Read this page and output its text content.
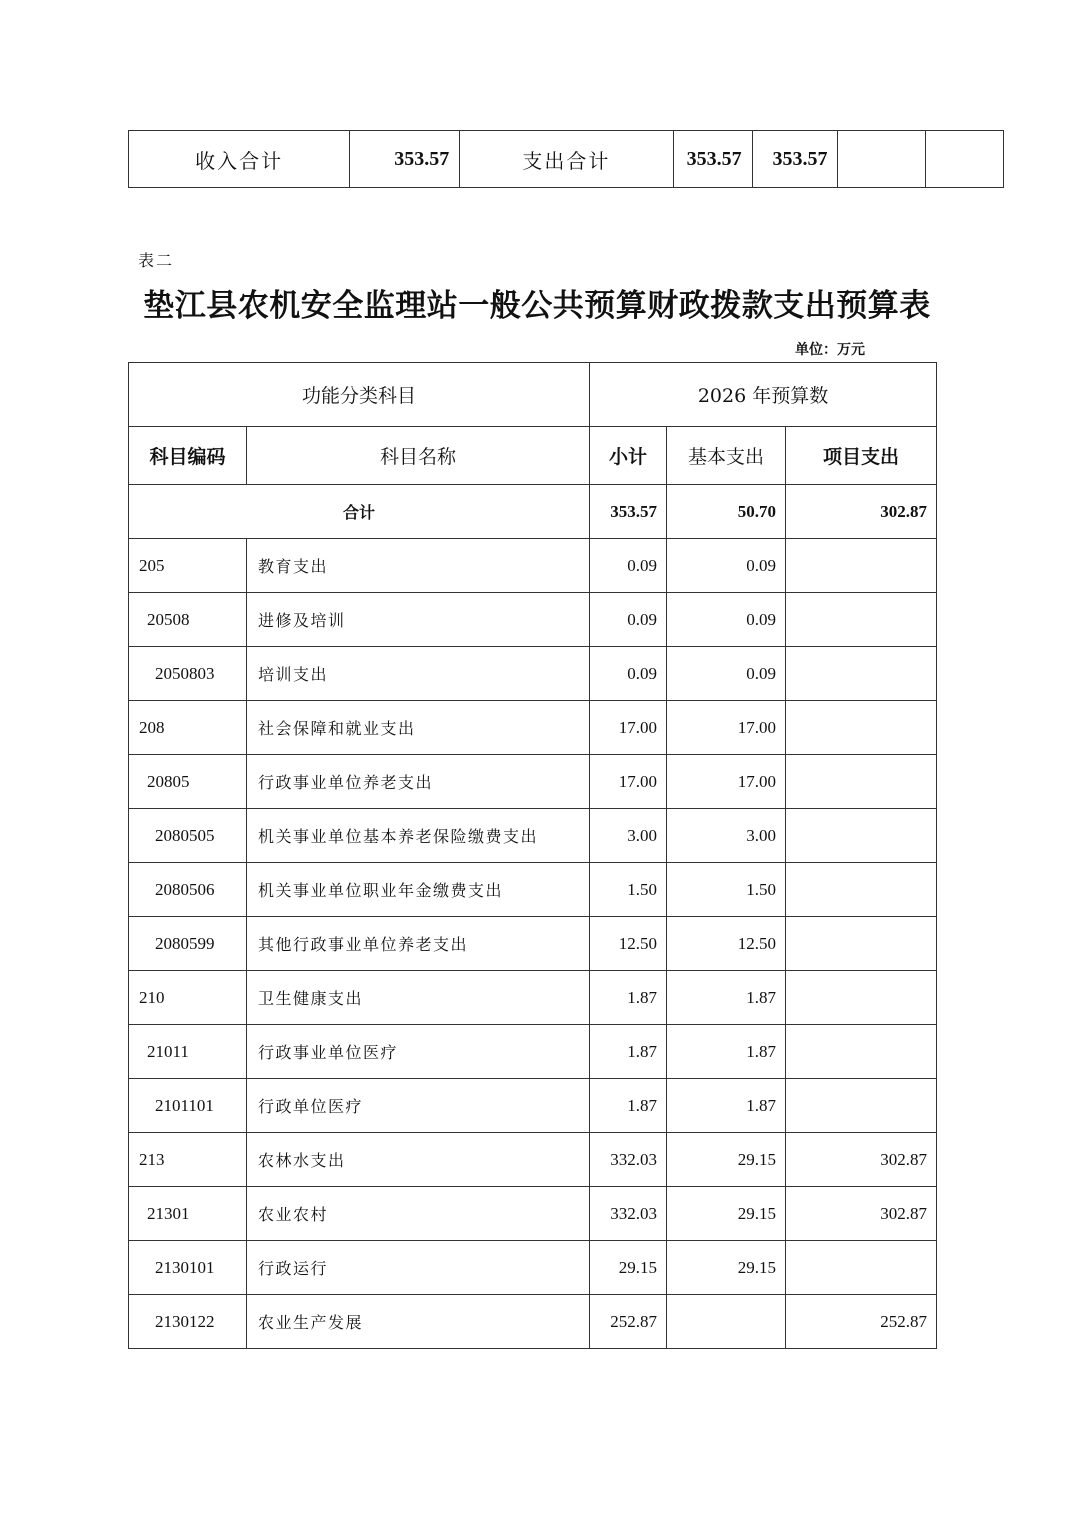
收入合计	353.57	支出合计	353.57	353.57		
表二
垫江县农机安全监理站一般公共预算财政拨款支出预算表
单位：万元
功能分类科目		2026 年预算数		
科目编码	科目名称	小计	基本支出	项目支出
合计		353.57	50.70	302.87
205	教育支出	0.09	0.09	
20508	进修及培训	0.09	0.09	
2050803	培训支出	0.09	0.09	
208	社会保障和就业支出	17.00	17.00	
20805	行政事业单位养老支出	17.00	17.00	
2080505	机关事业单位基本养老保险缴费支出	3.00	3.00	
2080506	机关事业单位职业年金缴费支出	1.50	1.50	
2080599	其他行政事业单位养老支出	12.50	12.50	
210	卫生健康支出	1.87	1.87	
21011	行政事业单位医疗	1.87	1.87	
2101101	行政单位医疗	1.87	1.87	
213	农林水支出	332.03	29.15	302.87
21301	农业农村	332.03	29.15	302.87
2130101	行政运行	29.15	29.15	
2130122	农业生产发展	252.87		252.87
